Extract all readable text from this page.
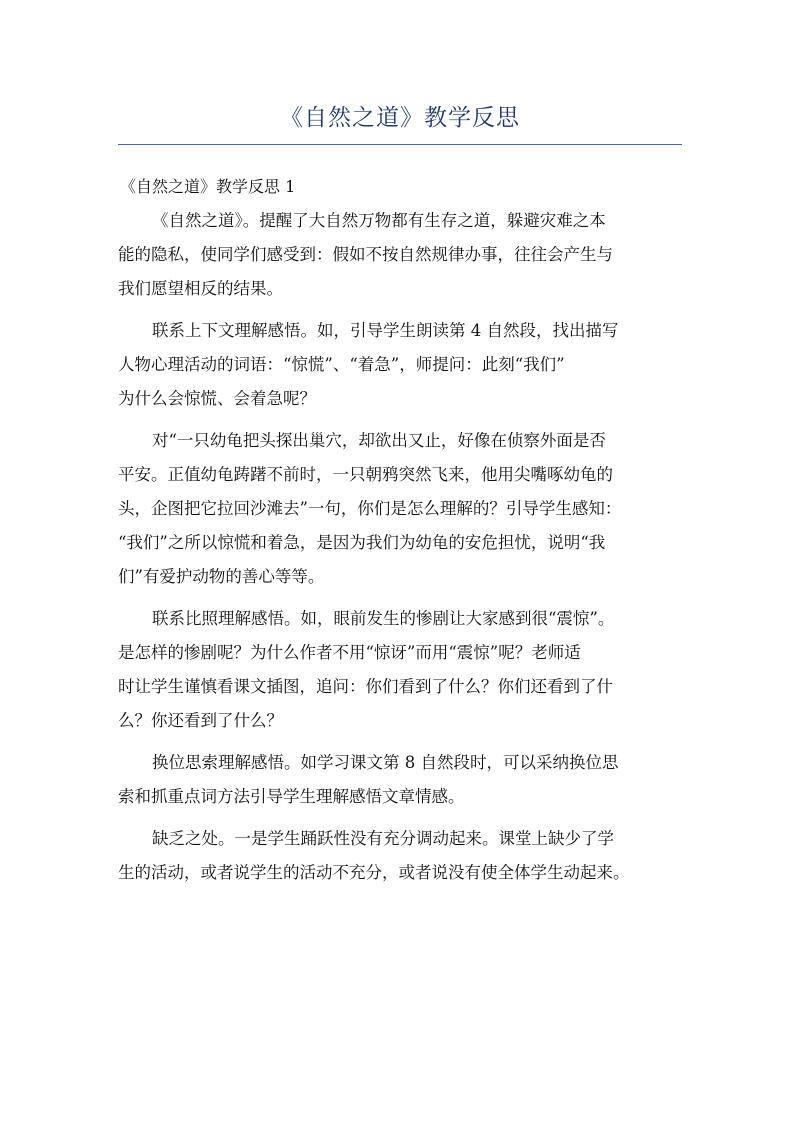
《自然之道》教学反思
《自然之道》教学反思 1
《自然之道》。提醒了大自然万物都有生存之道，躲避灾难之本
能的隐私，使同学们感受到：假如不按自然规律办事，往往会产生与
我们愿望相反的结果。
联系上下文理解感悟。如，引导学生朗读第 4 自然段，找出描写
人物心理活动的词语：“惊慌”、“着急”，师提问：此刻“我们”
为什么会惊慌、会着急呢？
对“一只幼龟把头探出巢穴，却欲出又止，好像在侦察外面是否
平安。正值幼龟踌躇不前时，一只朝鸦突然飞来，他用尖嘴啄幼龟的
头，企图把它拉回沙滩去”一句，你们是怎么理解的？引导学生感知：
“我们”之所以惊慌和着急，是因为我们为幼龟的安危担忧，说明“我
们”有爱护动物的善心等等。
联系比照理解感悟。如，眼前发生的惨剧让大家感到很“震惊”。
是怎样的惨剧呢？为什么作者不用“惊讶”而用“震惊”呢？老师适
时让学生谨慎看课文插图，追问：你们看到了什么？你们还看到了什
么？你还看到了什么？
换位思索理解感悟。如学习课文第 8 自然段时，可以采纳换位思
索和抓重点词方法引导学生理解感悟文章情感。
缺乏之处。一是学生踊跃性没有充分调动起来。课堂上缺少了学
生的活动，或者说学生的活动不充分，或者说没有使全体学生动起来。
